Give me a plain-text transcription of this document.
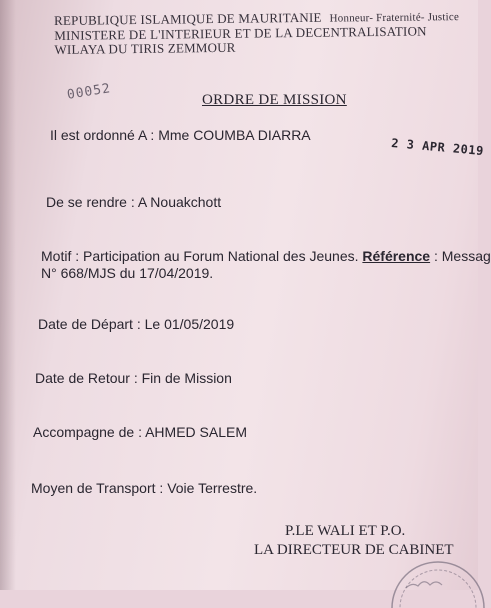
REPUBLIQUE ISLAMIQUE DE MAURITANIE Honneur- Fraternité- Justice
MINISTERE DE L'INTERIEUR ET DE LA DECENTRALISATION
WILAYA DU TIRIS ZEMMOUR
00052	ORDRE DE MISSION
2 3 APR 2019
Il est ordonné A : Mme COUMBA DIARRA
De se rendre : A Nouakchott
Motif : Participation au Forum National des Jeunes. Référence : Messag
N° 668/MJS du 17/04/2019.
Date de Départ : Le 01/05/2019
Date de Retour : Fin de Mission
Accompagne de : AHMED SALEM
Moyen de Transport : Voie Terrestre.
P.LE WALI ET P.O.
LA DIRECTEUR DE CABINET
